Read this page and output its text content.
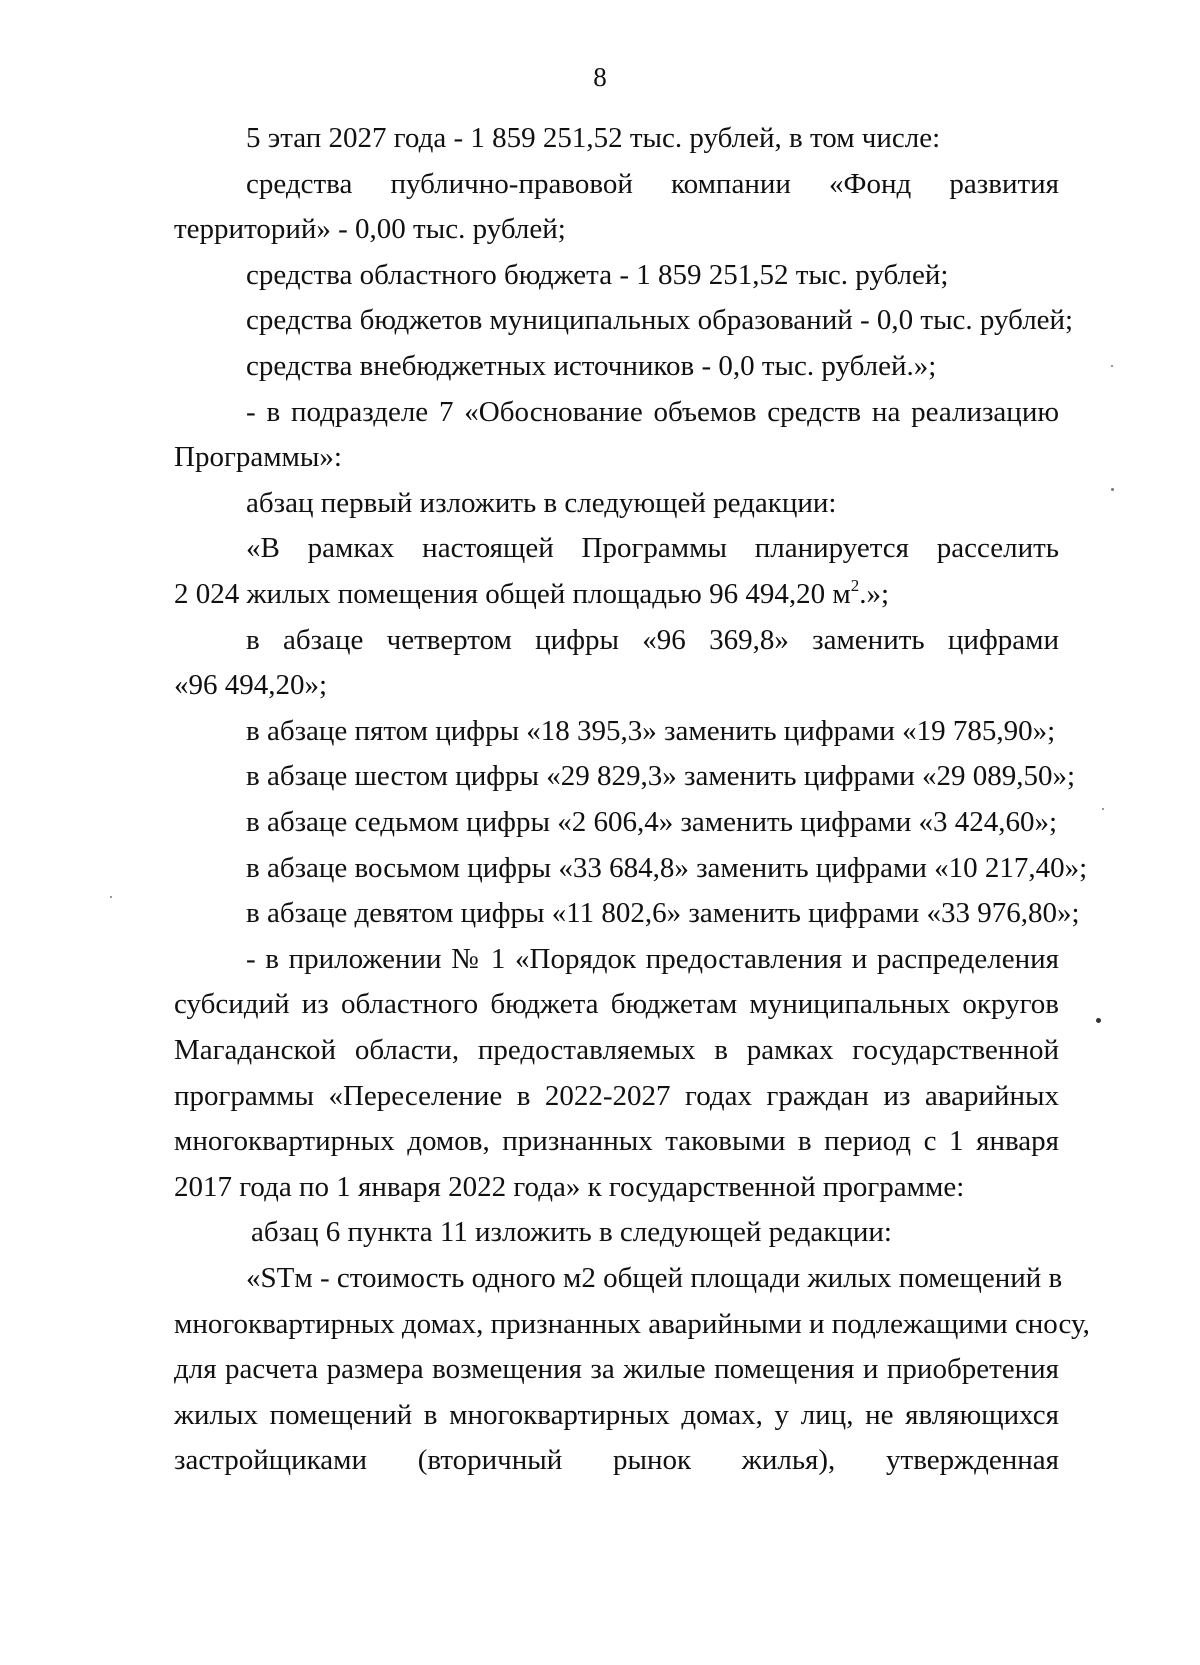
8
5 этап 2027 года - 1 859 251,52 тыс. рублей, в том числе:
средства публично-правовой компании «Фонд развития
территорий» - 0,00 тыс. рублей;
средства областного бюджета - 1 859 251,52 тыс. рублей;
средства бюджетов муниципальных образований - 0,0 тыс. рублей;
средства внебюджетных источников - 0,0 тыс. рублей.»;
- в подразделе 7 «Обоснование объемов средств на реализацию
Программы»:
абзац первый изложить в следующей редакции:
«В рамках настоящей Программы планируется расселить
2 024 жилых помещения общей площадью 96 494,20 $м^2$.»;
в абзаце четвертом цифры «96 369,8» заменить цифрами
«96 494,20»;
в абзаце пятом цифры «18 395,3» заменить цифрами «19 785,90»;
в абзаце шестом цифры «29 829,3» заменить цифрами «29 089,50»;
в абзаце седьмом цифры «2 606,4» заменить цифрами «3 424,60»;
в абзаце восьмом цифры «33 684,8» заменить цифрами «10 217,40»;
в абзаце девятом цифры «11 802,6» заменить цифрами «33 976,80»;
- в приложении № 1 «Порядок предоставления и распределения
субсидий из областного бюджета бюджетам муниципальных округов
Магаданской области, предоставляемых в рамках государственной
программы «Переселение в 2022-2027 годах граждан из аварийных
многоквартирных домов, признанных таковыми в период с 1 января
2017 года по 1 января 2022 года» к государственной программе:
абзац 6 пункта 11 изложить в следующей редакции:
«STм - стоимость одного м2 общей площади жилых помещений в
многоквартирных домах, признанных аварийными и подлежащими сносу,
для расчета размера возмещения за жилые помещения и приобретения
жилых помещений в многоквартирных домах, у лиц, не являющихся
застройщиками (вторичный рынок жилья), утвержденная
